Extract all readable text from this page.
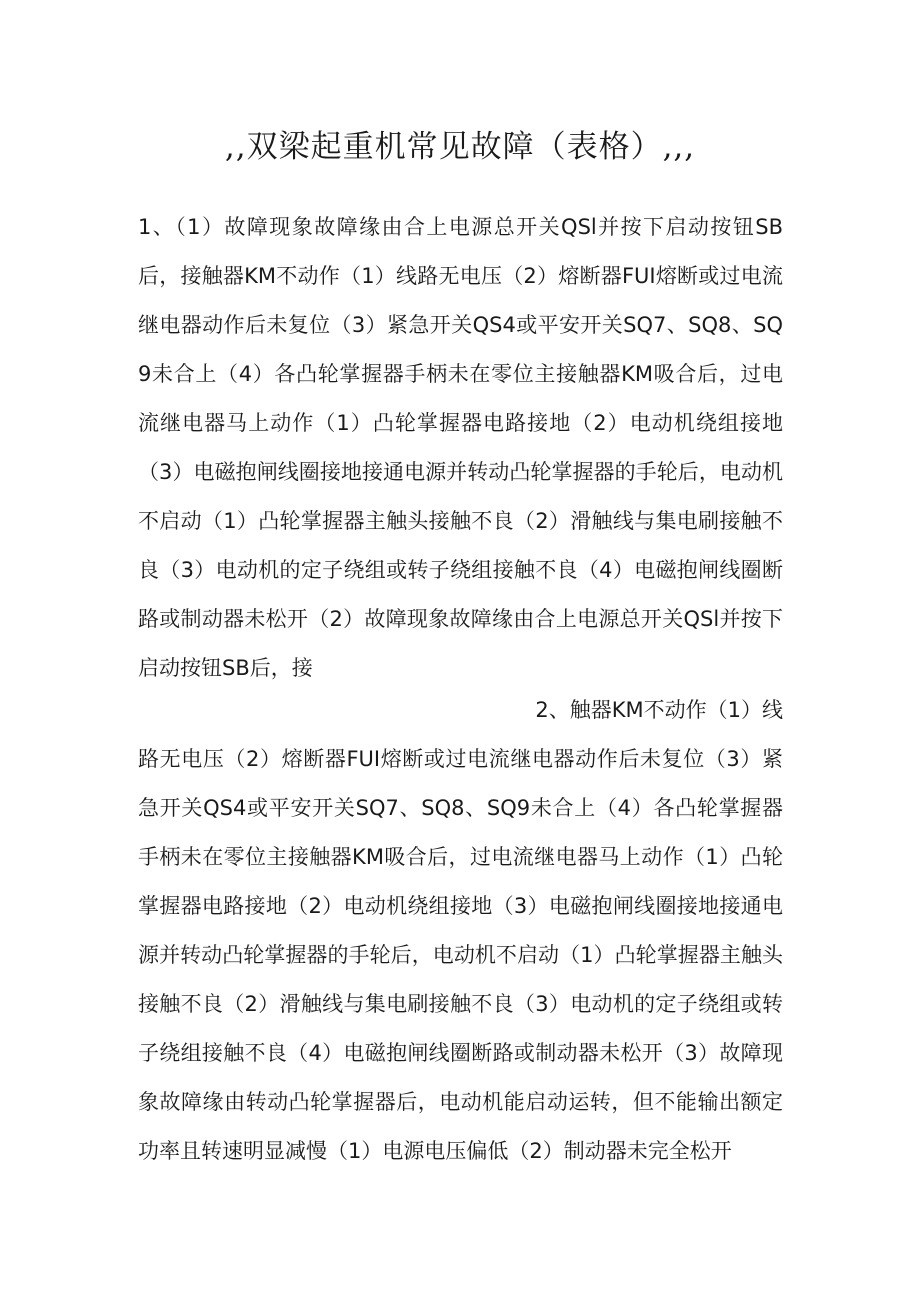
,,双梁起重机常见故障（表格）,,,
1、（1）故障现象故障缘由合上电源总开关QSl并按下启动按钮SB后，接触器KM不动作（1）线路无电压（2）熔断器FUI熔断或过电流继电器动作后未复位（3）紧急开关QS4或平安开关SQ7、SQ8、SQ9未合上（4）各凸轮掌握器手柄未在零位主接触器KM吸合后，过电流继电器马上动作（1）凸轮掌握器电路接地（2）电动机绕组接地（3）电磁抱闸线圈接地接通电源并转动凸轮掌握器的手轮后，电动机不启动（1）凸轮掌握器主触头接触不良（2）滑触线与集电刷接触不良（3）电动机的定子绕组或转子绕组接触不良（4）电磁抱闸线圈断路或制动器未松开（2）故障现象故障缘由合上电源总开关QSl并按下启动按钮SB后，接
2、触器KM不动作（1）线
路无电压（2）熔断器FUI熔断或过电流继电器动作后未复位（3）紧急开关QS4或平安开关SQ7、SQ8、SQ9未合上（4）各凸轮掌握器手柄未在零位主接触器KM吸合后，过电流继电器马上动作（1）凸轮掌握器电路接地（2）电动机绕组接地（3）电磁抱闸线圈接地接通电源并转动凸轮掌握器的手轮后，电动机不启动（1）凸轮掌握器主触头接触不良（2）滑触线与集电刷接触不良（3）电动机的定子绕组或转子绕组接触不良（4）电磁抱闸线圈断路或制动器未松开（3）故障现象故障缘由转动凸轮掌握器后，电动机能启动运转，但不能输出额定功率且转速明显减慢（1）电源电压偏低（2）制动器未完全松开
